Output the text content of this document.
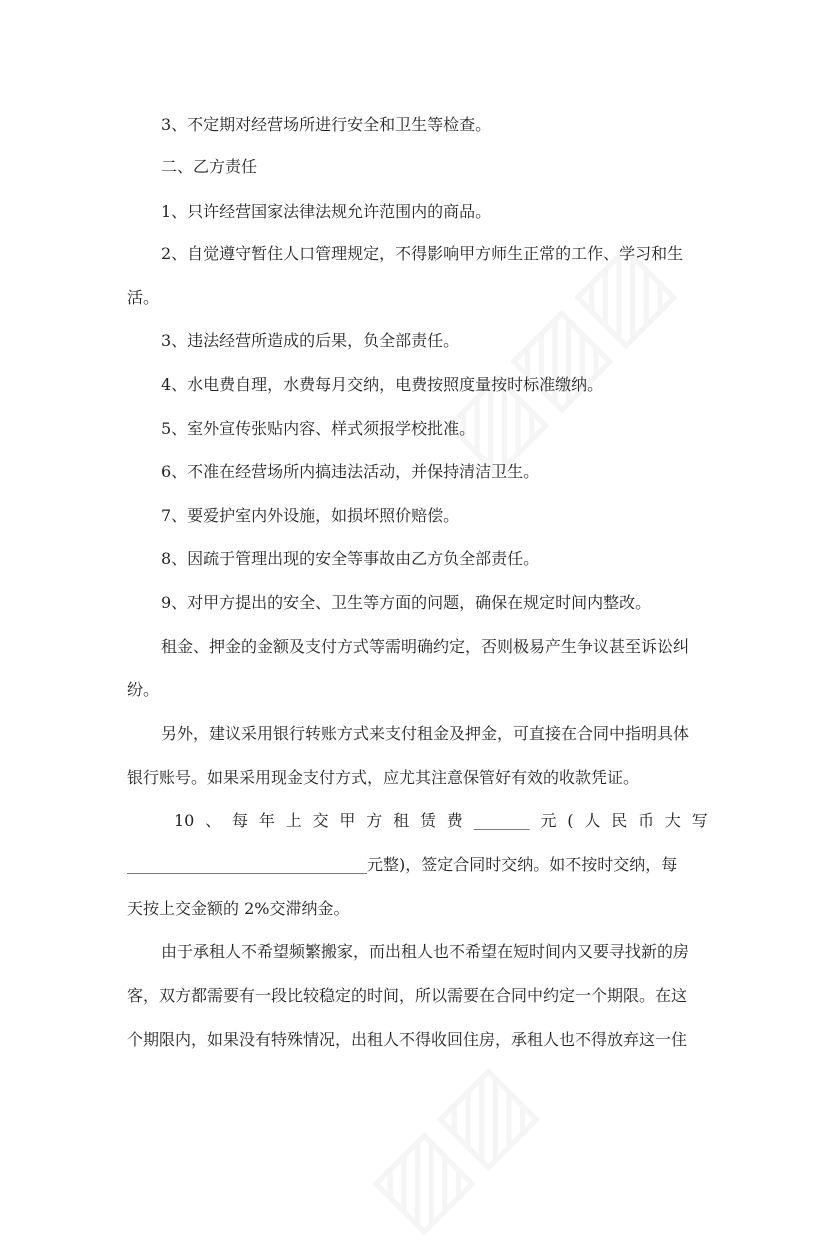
3、不定期对经营场所进行安全和卫生等检查。

二、乙方责任

1、只许经营国家法律法规允许范围内的商品。

2、自觉遵守暂住人口管理规定，不得影响甲方师生正常的工作、学习和生

活。

3、违法经营所造成的后果，负全部责任。

4、水电费自理，水费每月交纳，电费按照度量按时标准缴纳。

5、室外宣传张贴内容、样式须报学校批准。

6、不准在经营场所内搞违法活动，并保持清洁卫生。

7、要爱护室内外设施，如损坏照价赔偿。

8、因疏于管理出现的安全等事故由乙方负全部责任。

9、对甲方提出的安全、卫生等方面的问题，确保在规定时间内整改。

租金、押金的金额及支付方式等需明确约定，否则极易产生争议甚至诉讼纠

纷。

另外，建议采用银行转账方式来支付租金及押金，可直接在合同中指明具体

银行账号。如果采用现金支付方式，应尤其注意保管好有效的收款凭证。

10 、 每 年 上 交 甲 方 租 赁 费 _______ 元 ( 人 民 币 大 写

______________________________元整)，签定合同时交纳。如不按时交纳，每

天按上交金额的 2%交滞纳金。

由于承租人不希望频繁搬家，而出租人也不希望在短时间内又要寻找新的房

客，双方都需要有一段比较稳定的时间，所以需要在合同中约定一个期限。在这

个期限内，如果没有特殊情况，出租人不得收回住房，承租人也不得放弃这一住
